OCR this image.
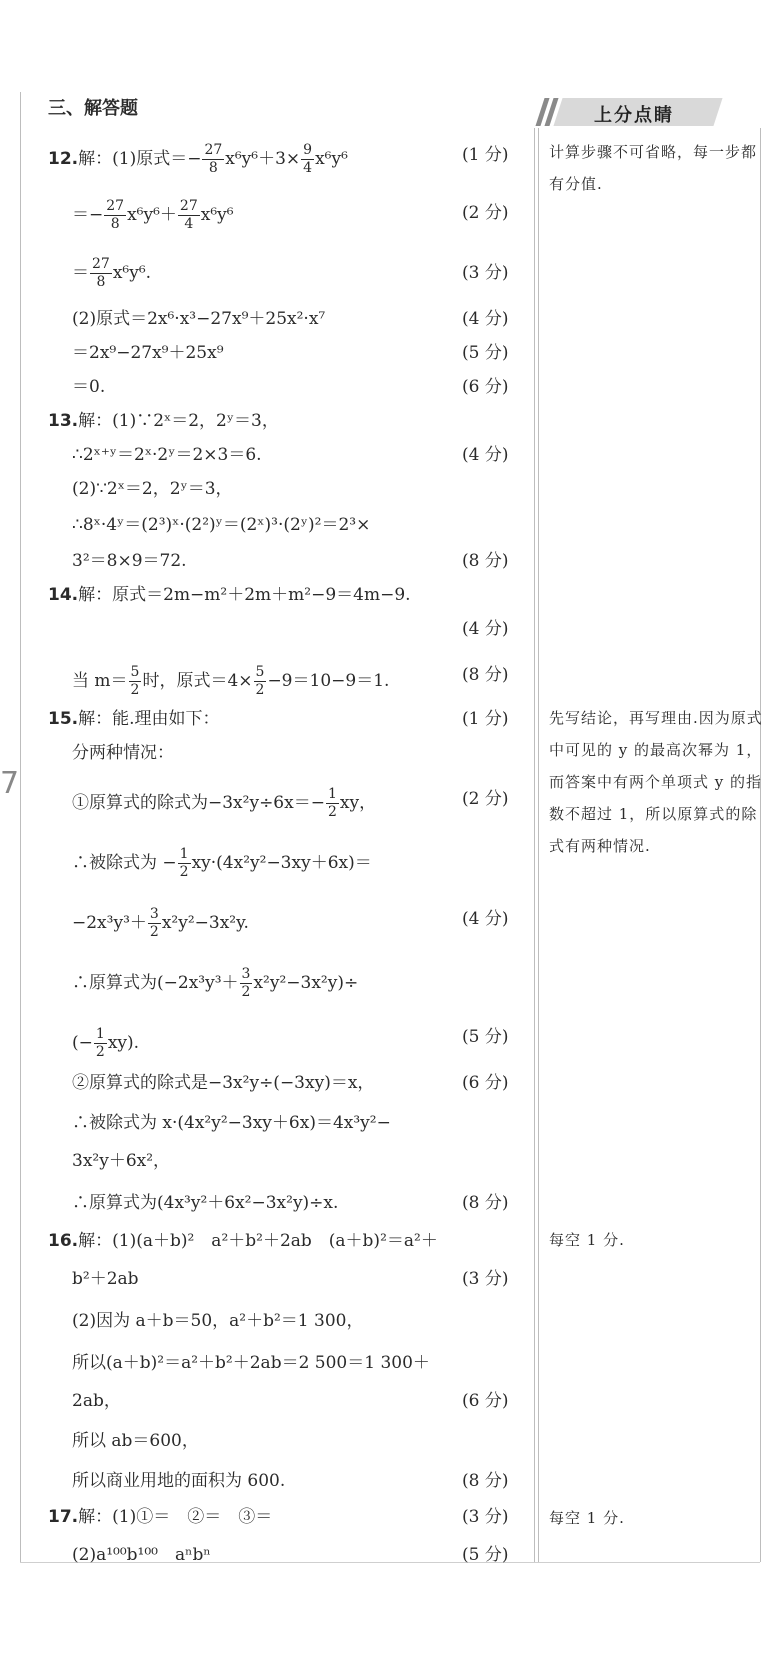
7
三、解答题	上分点睛
12.解：(1)原式＝− $\frac{27}{8} x^6y^6+3\times \frac{9}{4} x^6y^6$	(1 分)
＝− $\frac{27}{8} x^6y^6+ \frac{27}{4} x^6y^6$	(2 分)
＝ $\frac{27}{8} x^6y^6$.	(3 分)
(2)原式＝2x⁶·x³−27x⁹＋25x²·x⁷	(4 分)
＝2x⁹−27x⁹＋25x⁹	(5 分)
＝0.	(6 分)
13.解：(1)∵2ˣ＝2，2ʸ＝3，
∴2ˣ⁺ʸ＝2ˣ·2ʸ＝2×3＝6.	(4 分)
(2)∵2ˣ＝2，2ʸ＝3，
∴8ˣ·4ʸ＝(2³)ˣ·(2²)ʸ＝(2ˣ)³·(2ʸ)²＝2³×
3²＝8×9＝72.	(8 分)
14.解：原式＝2m−m²＋2m＋m²−9＝4m−9.
(4 分)
当 $m= \frac{5}{2}$ 时，原式$=4\times \frac{5}{2} -9=10-9=1$.	(8 分)
15.解：能.理由如下：	(1 分)
分两种情况：
①原算式的除式为$-3x^2y\div 6x=- \frac{1}{2}$ xy，	(2 分)
∴被除式为 − $\frac{1}{2} xy\cdot(4x^2y^2-3xy+6x)=$
$-2x^3y^3+ \frac{3}{2} x^2y^2-3x^2y$.	(4 分)
∴原算式为$(-2x^3y^3+ \frac{3}{2} x^2y^2-3x^2y)\div$
(− $\frac{1}{2} xy$).	(5 分)
②原算式的除式是−3x²y÷(−3xy)＝x，	(6 分)
∴被除式为 x·(4x²y²−3xy＋6x)＝4x³y²−
3x²y＋6x²，
∴原算式为(4x³y²＋6x²−3x²y)÷x.	(8 分)
16.解：(1)(a＋b)²　a²＋b²＋2ab　(a＋b)²＝a²＋
b²＋2ab	(3 分)
(2)因为 a＋b＝50，a²＋b²＝1 300，
所以(a＋b)²＝a²＋b²＋2ab＝2 500＝1 300＋
2ab，	(6 分)
所以 ab＝600，
所以商业用地的面积为 600.	(8 分)
17.解：(1)①＝　②＝　③＝	(3 分)
(2)a¹⁰⁰b¹⁰⁰　aⁿbⁿ	(5 分)
计算步骤不可省略，每一步都有分值.
先写结论，再写理由.因为原式中可见的 y 的最高次幂为 1，而答案中有两个单项式 y 的指数不超过 1，所以原算式的除式有两种情况.
每空 1 分.
每空 1 分.
